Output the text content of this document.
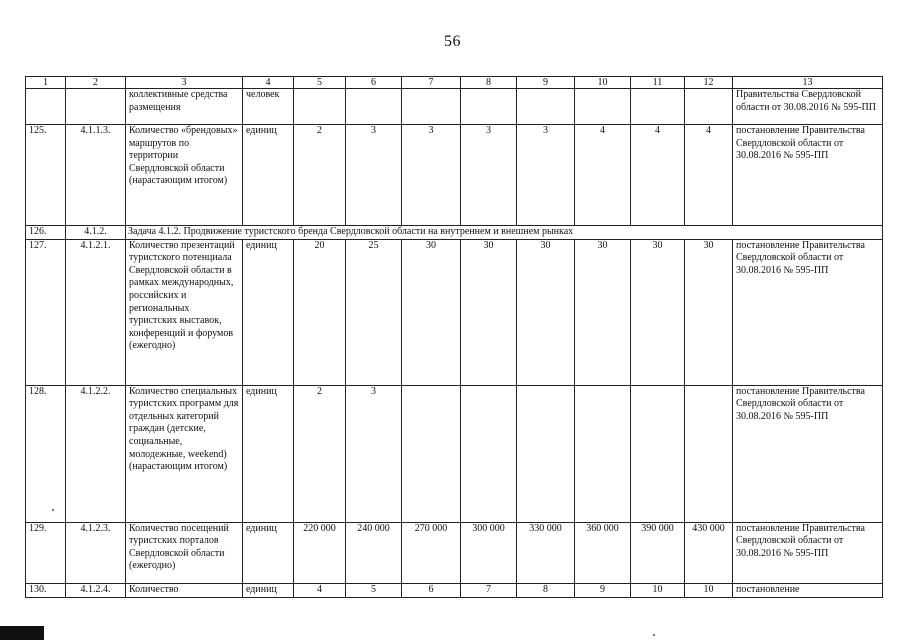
56
1	2	3	4	5	6	7	8	9	10	11	12	13
		коллективные средства размещения	человек									Правительства Свердловской области от 30.08.2016 № 595-ПП
125.	4.1.1.3.	Количество «брендовых» маршрутов по территории Свердловской области (нарастающим итогом)	единиц	2	3	3	3	3	4	4	4	постановление Правительства Свердловской области от 30.08.2016 № 595-ПП
126.	4.1.2.	Задача 4.1.2. Продвижение туристского бренда Свердловской области на внутреннем и внешнем рынках										
127.	4.1.2.1.	Количество презентаций туристского потенциала Свердловской области в рамках международных, российских и региональных туристских выставок, конференций и форумов (ежегодно)	единиц	20	25	30	30	30	30	30	30	постановление Правительства Свердловской области от 30.08.2016 № 595-ПП
128.	4.1.2.2.	Количество специальных туристских программ для отдельных категорий граждан (детские, социальные, молодежные, weekend) (нарастающим итогом)	единиц	2	3							постановление Правительства Свердловской области от 30.08.2016 № 595-ПП
129.	4.1.2.3.	Количество посещений туристских порталов Свердловской области (ежегодно)	единиц	220 000	240 000	270 000	300 000	330 000	360 000	390 000	430 000	постановление Правительства Свердловской области от 30.08.2016 № 595-ПП
130.	4.1.2.4.	Количество	единиц	4	5	6	7	8	9	10	10	постановление
